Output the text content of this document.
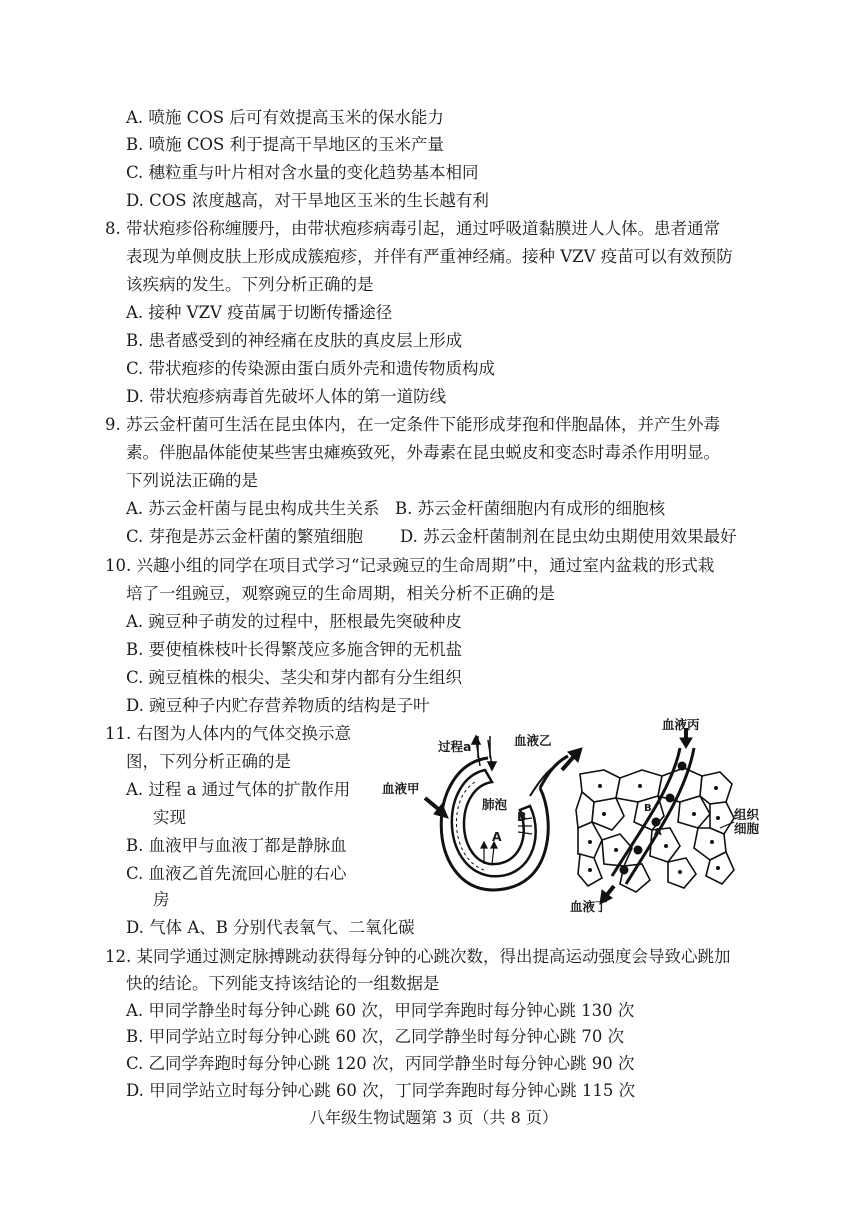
A. 喷施 COS 后可有效提高玉米的保水能力
B. 喷施 COS 利于提高干旱地区的玉米产量
C. 穗粒重与叶片相对含水量的变化趋势基本相同
D. COS 浓度越高，对干旱地区玉米的生长越有利
8. 带状疱疹俗称缠腰丹，由带状疱疹病毒引起，通过呼吸道黏膜进人人体。患者通常
表现为单侧皮肤上形成成簇疱疹，并伴有严重神经痛。接种 VZV 疫苗可以有效预防
该疾病的发生。下列分析正确的是
A. 接种 VZV 疫苗属于切断传播途径
B. 患者感受到的神经痛在皮肤的真皮层上形成
C. 带状疱疹的传染源由蛋白质外壳和遗传物质构成
D. 带状疱疹病毒首先破坏人体的第一道防线
9. 苏云金杆菌可生活在昆虫体内，在一定条件下能形成芽孢和伴胞晶体，并产生外毒
素。伴胞晶体能使某些害虫瘫痪致死，外毒素在昆虫蜕皮和变态时毒杀作用明显。
下列说法正确的是
A. 苏云金杆菌与昆虫构成共生关系 B. 苏云金杆菌细胞内有成形的细胞核
C. 芽孢是苏云金杆菌的繁殖细胞 D. 苏云金杆菌制剂在昆虫幼虫期使用效果最好
10. 兴趣小组的同学在项目式学习“记录豌豆的生命周期”中，通过室内盆栽的形式栽
培了一组豌豆，观察豌豆的生命周期，相关分析不正确的是
A. 豌豆种子萌发的过程中，胚根最先突破种皮
B. 要使植株枝叶长得繁茂应多施含钾的无机盐
C. 豌豆植株的根尖、茎尖和芽内都有分生组织
D. 豌豆种子内贮存营养物质的结构是子叶
11. 右图为人体内的气体交换示意
图，下列分析正确的是
A. 过程 a 通过气体的扩散作用
实现
B. 血液甲与血液丁都是静脉血
C. 血液乙首先流回心脏的右心
房
D. 气体 A、B 分别代表氧气、二氧化碳
过程a	血液乙
血液甲
肺泡
B
A
血液丙
组织
细胞
血液丁
B
A
12. 某同学通过测定脉搏跳动获得每分钟的心跳次数，得出提高运动强度会导致心跳加
快的结论。下列能支持该结论的一组数据是
A. 甲同学静坐时每分钟心跳 60 次，甲同学奔跑时每分钟心跳 130 次
B. 甲同学站立时每分钟心跳 60 次，乙同学静坐时每分钟心跳 70 次
C. 乙同学奔跑时每分钟心跳 120 次，丙同学静坐时每分钟心跳 90 次
D. 甲同学站立时每分钟心跳 60 次，丁同学奔跑时每分钟心跳 115 次
八年级生物试题第 3 页（共 8 页）
